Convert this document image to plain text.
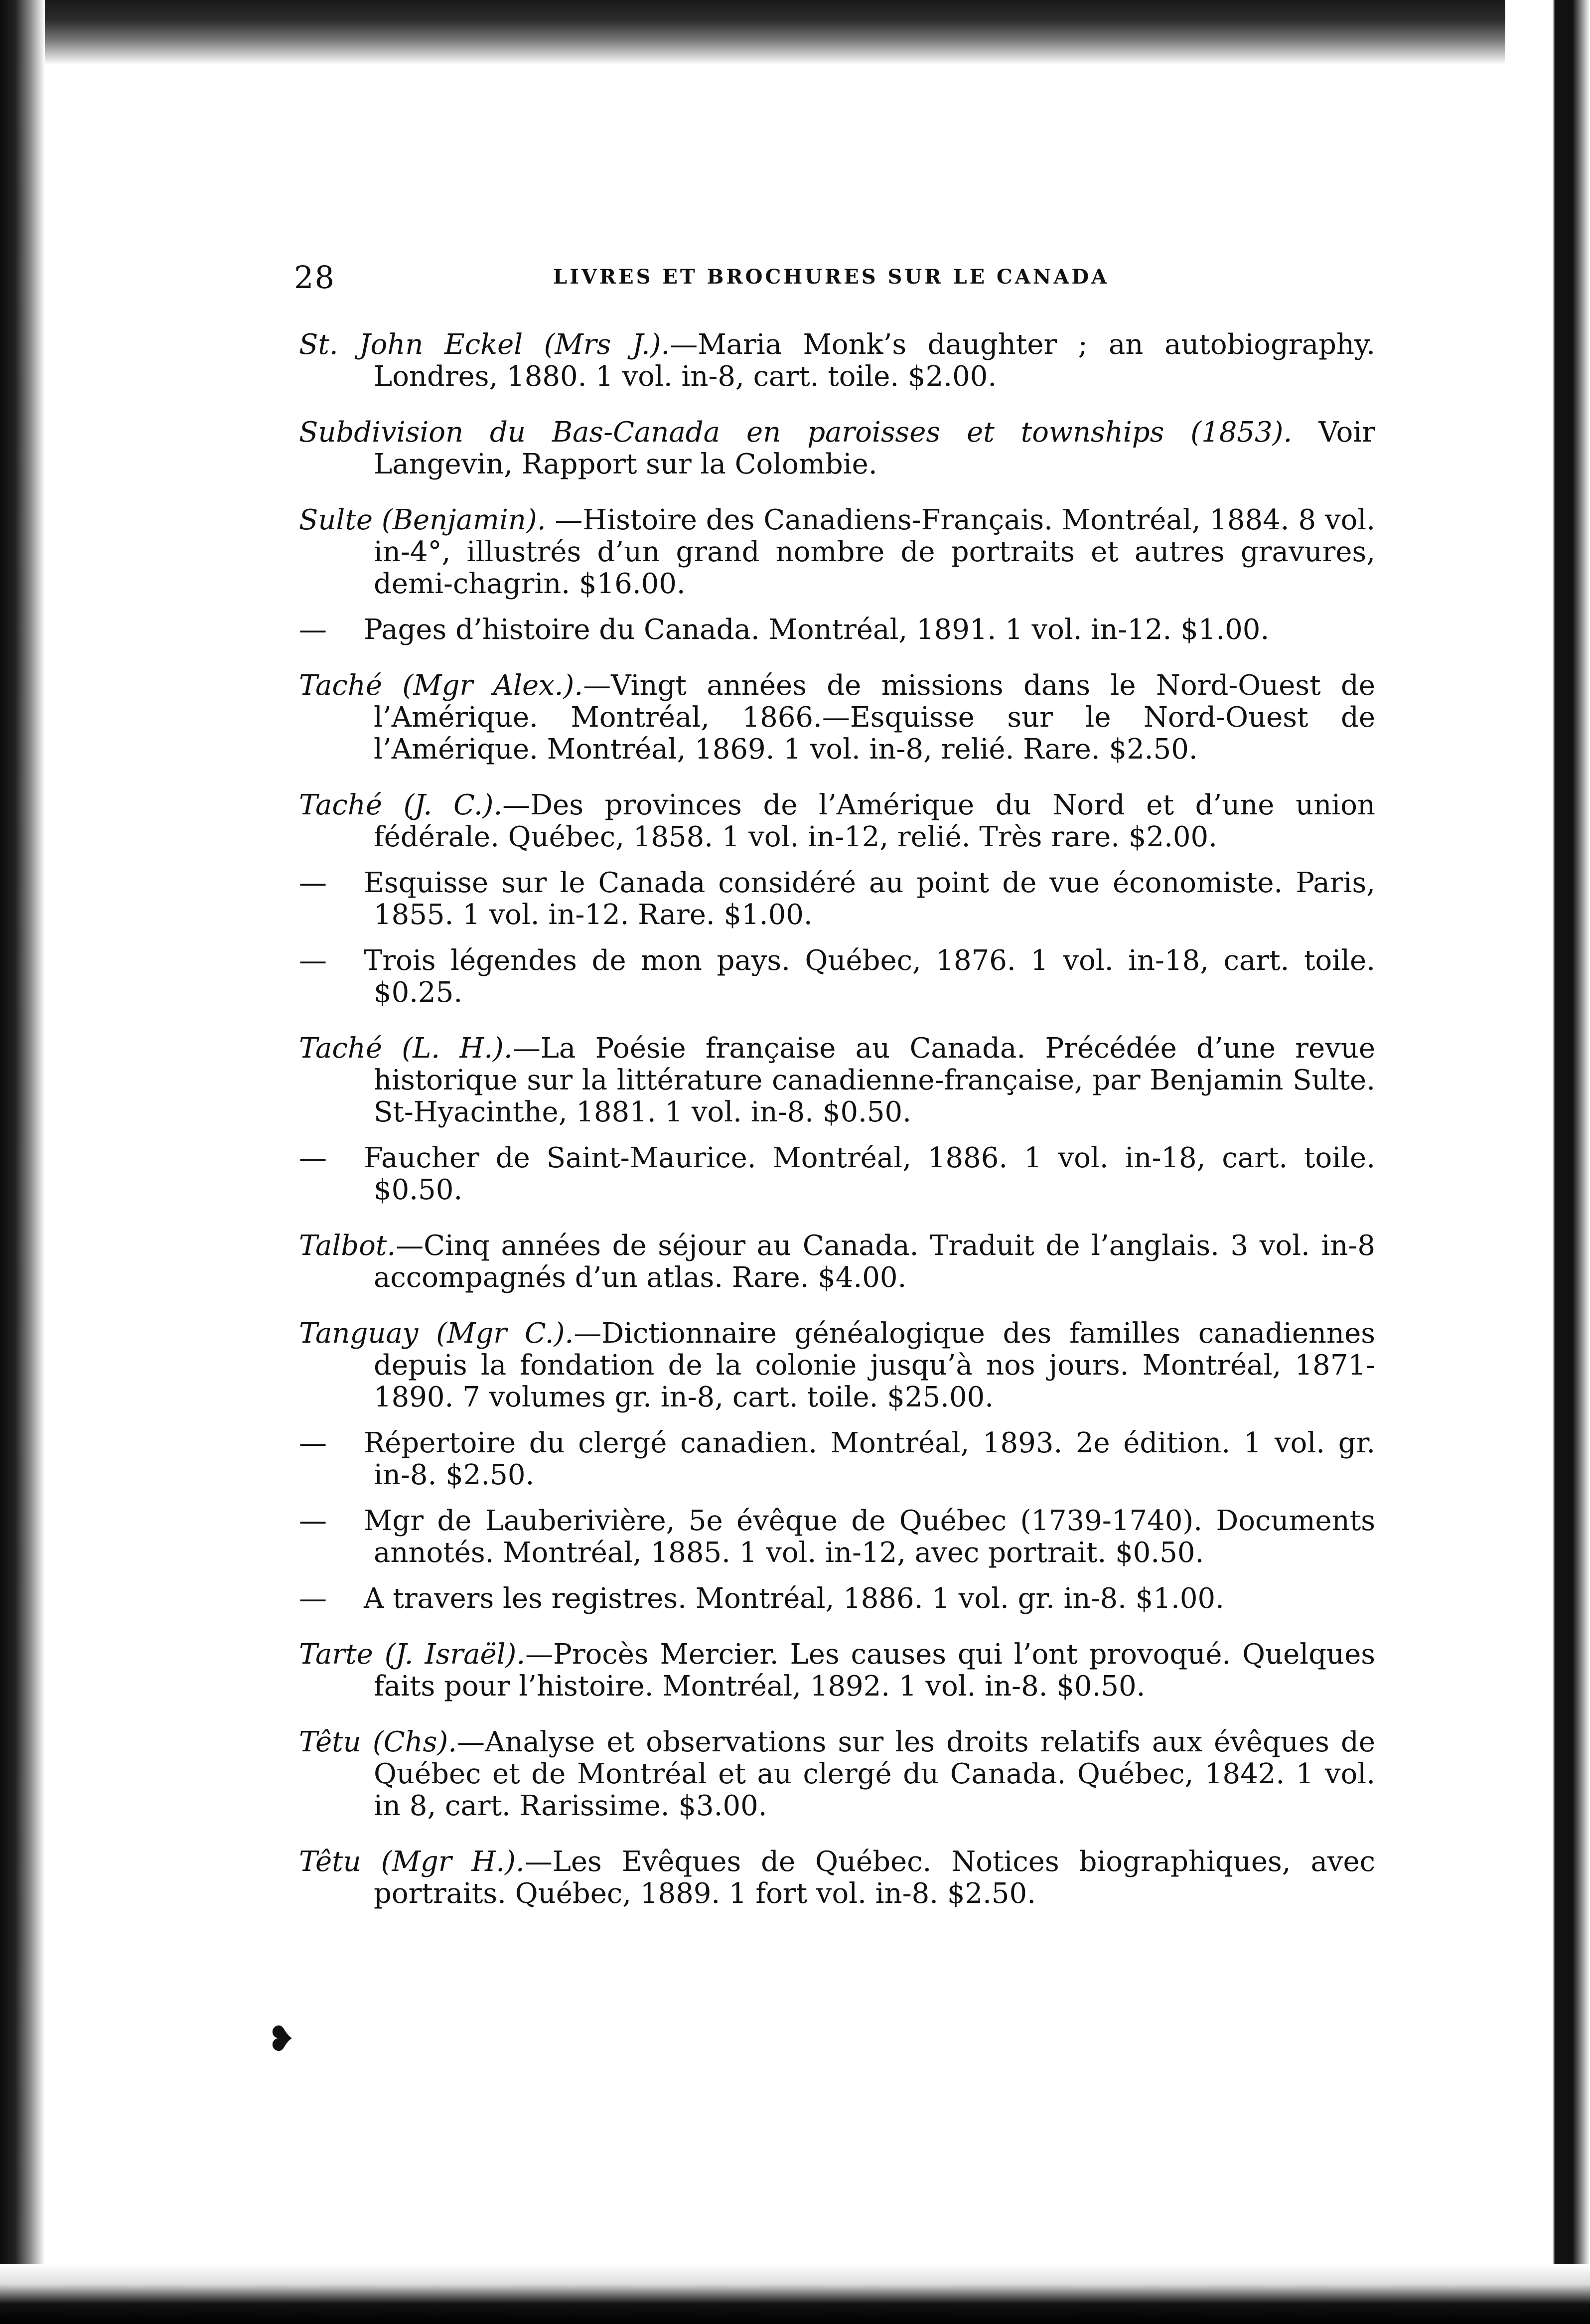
28	LIVRES ET BROCHURES SUR LE CANADA
St. John Eckel (Mrs J.).—Maria Monk’s daughter ; an autobiography. Londres, 1880. 1 vol. in-8, cart. toile. $2.00.
Subdivision du Bas-Canada en paroisses et townships (1853). Voir Langevin, Rapport sur la Colombie.
Sulte (Benjamin). —Histoire des Canadiens-Français. Montréal, 1884. 8 vol. in-4°, illustrés d’un grand nombre de portraits et autres gravures, demi-chagrin. $16.00.
—Pages d’histoire du Canada. Montréal, 1891. 1 vol. in-12. $1.00.
Taché (Mgr Alex.).—Vingt années de missions dans le Nord-Ouest de l’Amérique. Montréal, 1866.—Esquisse sur le Nord-Ouest de l’Amérique. Montréal, 1869. 1 vol. in-8, relié. Rare. $2.50.
Taché (J. C.).—Des provinces de l’Amérique du Nord et d’une union fédérale. Québec, 1858. 1 vol. in-12, relié. Très rare. $2.00.
—Esquisse sur le Canada considéré au point de vue économiste. Paris, 1855. 1 vol. in-12. Rare. $1.00.
—Trois légendes de mon pays. Québec, 1876. 1 vol. in-18, cart. toile. $0.25.
Taché (L. H.).—La Poésie française au Canada. Précédée d’une revue historique sur la littérature canadienne-française, par Benjamin Sulte. St-Hyacinthe, 1881. 1 vol. in-8. $0.50.
—Faucher de Saint-Maurice. Montréal, 1886. 1 vol. in-18, cart. toile. $0.50.
Talbot.—Cinq années de séjour au Canada. Traduit de l’anglais. 3 vol. in-8 accompagnés d’un atlas. Rare. $4.00.
Tanguay (Mgr C.).—Dictionnaire généalogique des familles canadiennes depuis la fondation de la colonie jusqu’à nos jours. Montréal, 1871-1890. 7 volumes gr. in-8, cart. toile. $25.00.
—Répertoire du clergé canadien. Montréal, 1893. 2e édition. 1 vol. gr. in-8. $2.50.
—Mgr de Lauberivière, 5e évêque de Québec (1739-1740). Documents annotés. Montréal, 1885. 1 vol. in-12, avec portrait. $0.50.
—A travers les registres. Montréal, 1886. 1 vol. gr. in-8. $1.00.
Tarte (J. Israël).—Procès Mercier. Les causes qui l’ont provoqué. Quelques faits pour l’histoire. Montréal, 1892. 1 vol. in-8. $0.50.
Têtu (Chs).—Analyse et observations sur les droits relatifs aux évêques de Québec et de Montréal et au clergé du Canada. Québec, 1842. 1 vol. in 8, cart. Rarissime. $3.00.
Têtu (Mgr H.).—Les Evêques de Québec. Notices biographiques, avec portraits. Québec, 1889. 1 fort vol. in-8. $2.50.
❥
